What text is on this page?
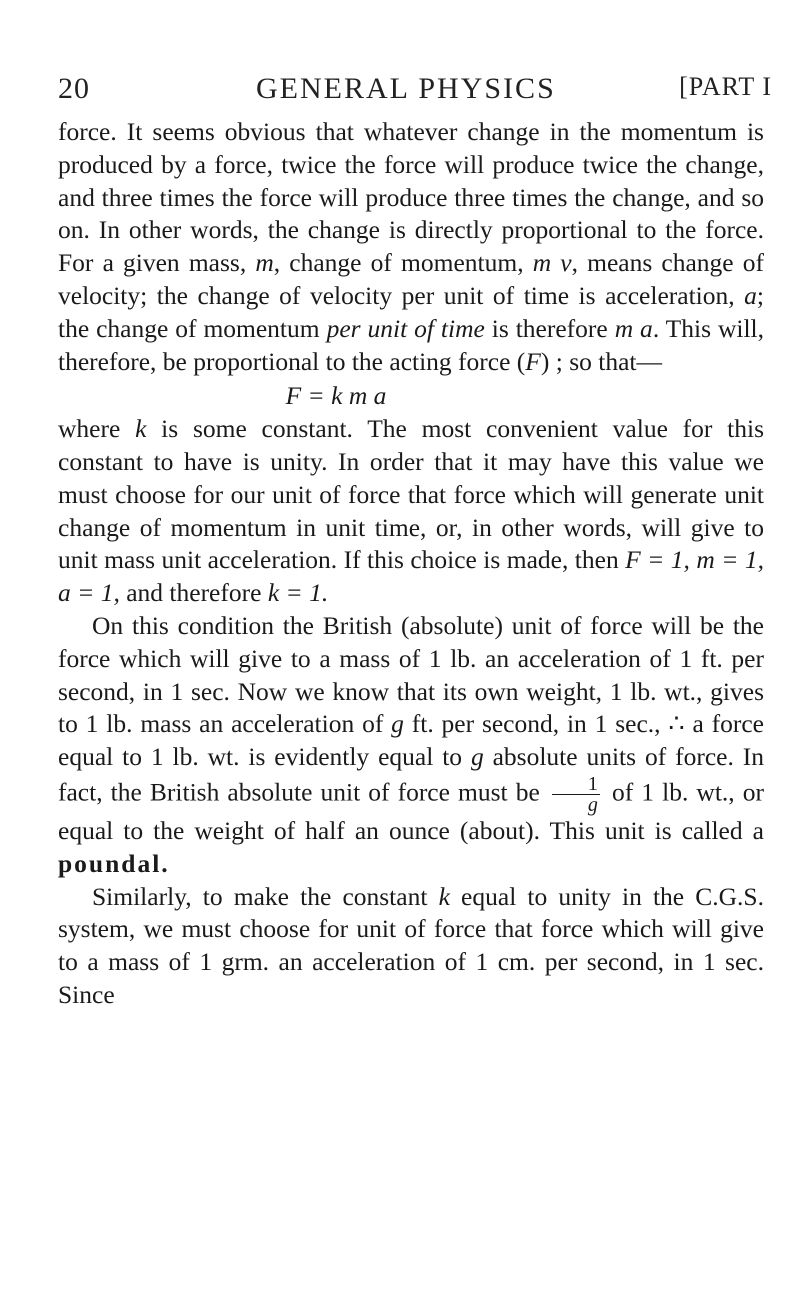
20	GENERAL PHYSICS	[PART I

force. It seems obvious that whatever change in the momentum is produced by a force, twice the force will produce twice the change, and three times the force will produce three times the change, and so on. In other words, the change is directly proportional to the force. For a given mass, m, change of momentum, m v, means change of velocity; the change of velocity per unit of time is acceleration, a; the change of momentum per unit of time is therefore m a. This will, therefore, be proportional to the acting force (F) ; so that—

F = k m a

where k is some constant. The most convenient value for this constant to have is unity. In order that it may have this value we must choose for our unit of force that force which will generate unit change of momentum in unit time, or, in other words, will give to unit mass unit acceleration. If this choice is made, then F = 1, m = 1, a = 1, and therefore k = 1.

On this condition the British (absolute) unit of force will be the force which will give to a mass of 1 lb. an acceleration of 1 ft. per second, in 1 sec. Now we know that its own weight, 1 lb. wt., gives to 1 lb. mass an acceleration of g ft. per second, in 1 sec., ∴ a force equal to 1 lb. wt. is evidently equal to g absolute units of force. In fact, the British absolute unit of force must be $\frac{1}{g}$ of 1 lb. wt., or equal to the weight of half an ounce (about). This unit is called a poundal.

Similarly, to make the constant k equal to unity in the C.G.S. system, we must choose for unit of force that force which will give to a mass of 1 grm. an acceleration of 1 cm. per second, in 1 sec. Since
